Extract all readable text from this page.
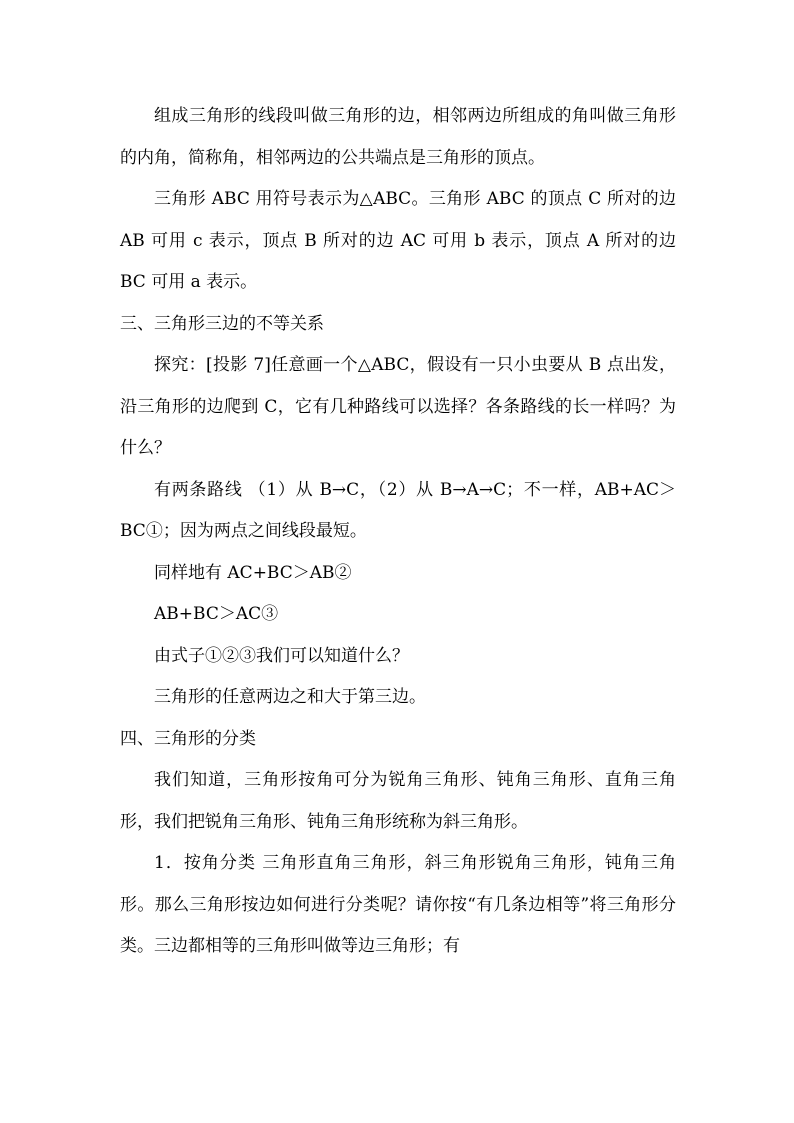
组成三角形的线段叫做三角形的边，相邻两边所组成的角叫做三角形的内角，简称角，相邻两边的公共端点是三角形的顶点。

三角形 ABC 用符号表示为△ABC。三角形 ABC 的顶点 C 所对的边 AB 可用 c 表示，顶点 B 所对的边 AC 可用 b 表示，顶点 A 所对的边 BC 可用 a 表示。

三、三角形三边的不等关系

探究：[投影 7]任意画一个△ABC，假设有一只小虫要从 B 点出发，沿三角形的边爬到 C，它有几种路线可以选择？各条路线的长一样吗？为什么？

有两条路线 （1）从 B→C，（2）从 B→A→C；不一样，AB+AC＞BC①；因为两点之间线段最短。

同样地有 AC+BC＞AB②

AB+BC＞AC③

由式子①②③我们可以知道什么？

三角形的任意两边之和大于第三边。

四、三角形的分类

我们知道，三角形按角可分为锐角三角形、钝角三角形、直角三角形，我们把锐角三角形、钝角三角形统称为斜三角形。

1．按角分类 三角形直角三角形，斜三角形锐角三角形，钝角三角形。那么三角形按边如何进行分类呢？请你按“有几条边相等”将三角形分类。三边都相等的三角形叫做等边三角形；有
